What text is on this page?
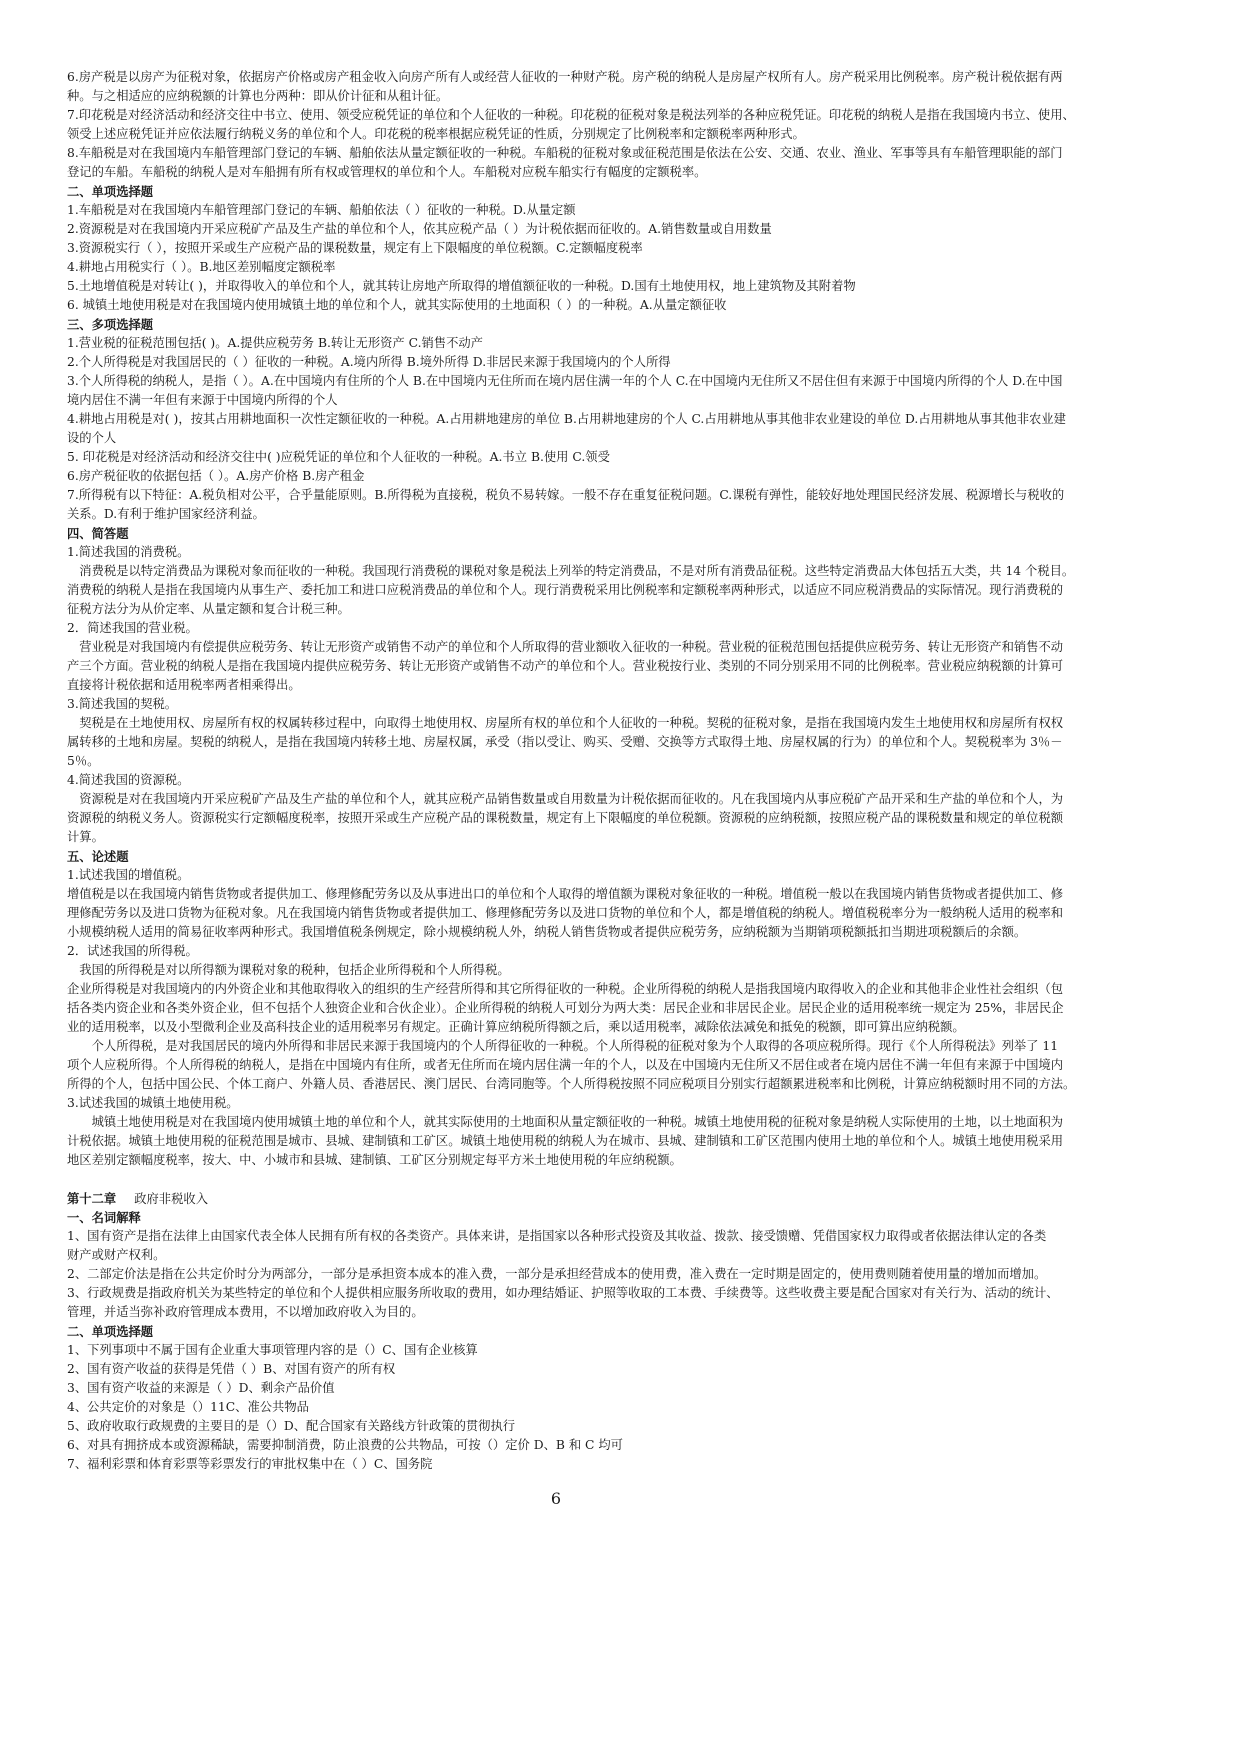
6.房产税是以房产为征税对象，依据房产价格或房产租金收入向房产所有人或经营人征收的一种财产税。房产税的纳税人是房屋产权所有人。房产税采用比例税率。房产税计税依据有两
种。与之相适应的应纳税额的计算也分两种：即从价计征和从租计征。
7.印花税是对经济活动和经济交往中书立、使用、领受应税凭证的单位和个人征收的一种税。印花税的征税对象是税法列举的各种应税凭证。印花税的纳税人是指在我国境内书立、使用、
领受上述应税凭证并应依法履行纳税义务的单位和个人。印花税的税率根据应税凭证的性质，分别规定了比例税率和定额税率两种形式。
8.车船税是对在我国境内车船管理部门登记的车辆、船舶依法从量定额征收的一种税。车船税的征税对象或征税范围是依法在公安、交通、农业、渔业、军事等具有车船管理职能的部门
登记的车船。车船税的纳税人是对车船拥有所有权或管理权的单位和个人。车船税对应税车船实行有幅度的定额税率。
二、单项选择题
1.车船税是对在我国境内车船管理部门登记的车辆、船舶依法（ ）征收的一种税。D.从量定额
2.资源税是对在我国境内开采应税矿产品及生产盐的单位和个人，依其应税产品（ ）为计税依据而征收的。A.销售数量或自用数量
3.资源税实行（ ），按照开采或生产应税产品的课税数量，规定有上下限幅度的单位税额。C.定额幅度税率
4.耕地占用税实行（ ）。B.地区差别幅度定额税率
5.土地增值税是对转让( )，并取得收入的单位和个人，就其转让房地产所取得的增值额征收的一种税。D.国有土地使用权，地上建筑物及其附着物
6. 城镇土地使用税是对在我国境内使用城镇土地的单位和个人，就其实际使用的土地面积（ ）的一种税。A.从量定额征收
三、多项选择题
1.营业税的征税范围包括( )。A.提供应税劳务 B.转让无形资产 C.销售不动产
2.个人所得税是对我国居民的（ ）征收的一种税。A.境内所得 B.境外所得 D.非居民来源于我国境内的个人所得
3.个人所得税的纳税人，是指（ ）。A.在中国境内有住所的个人 B.在中国境内无住所而在境内居住满一年的个人 C.在中国境内无住所又不居住但有来源于中国境内所得的个人 D.在中国
境内居住不满一年但有来源于中国境内所得的个人
4.耕地占用税是对( )，按其占用耕地面积一次性定额征收的一种税。A.占用耕地建房的单位 B.占用耕地建房的个人 C.占用耕地从事其他非农业建设的单位 D.占用耕地从事其他非农业建
设的个人
5. 印花税是对经济活动和经济交往中( )应税凭证的单位和个人征收的一种税。A.书立 B.使用 C.领受
6.房产税征收的依据包括（ ）。A.房产价格 B.房产租金
7.所得税有以下特征：A.税负相对公平，合乎量能原则。B.所得税为直接税，税负不易转嫁。一般不存在重复征税问题。C.课税有弹性，能较好地处理国民经济发展、税源增长与税收的
关系。D.有利于维护国家经济利益。
四、简答题
1.简述我国的消费税。
　消费税是以特定消费品为课税对象而征收的一种税。我国现行消费税的课税对象是税法上列举的特定消费品，不是对所有消费品征税。这些特定消费品大体包括五大类，共 14 个税目。
消费税的纳税人是指在我国境内从事生产、委托加工和进口应税消费品的单位和个人。现行消费税采用比例税率和定额税率两种形式，以适应不同应税消费品的实际情况。现行消费税的
征税方法分为从价定率、从量定额和复合计税三种。
2．简述我国的营业税。
　营业税是对我国境内有偿提供应税劳务、转让无形资产或销售不动产的单位和个人所取得的营业额收入征收的一种税。营业税的征税范围包括提供应税劳务、转让无形资产和销售不动
产三个方面。营业税的纳税人是指在我国境内提供应税劳务、转让无形资产或销售不动产的单位和个人。营业税按行业、类别的不同分别采用不同的比例税率。营业税应纳税额的计算可
直接将计税依据和适用税率两者相乘得出。
3.简述我国的契税。
　契税是在土地使用权、房屋所有权的权属转移过程中，向取得土地使用权、房屋所有权的单位和个人征收的一种税。契税的征税对象，是指在我国境内发生土地使用权和房屋所有权权
属转移的土地和房屋。契税的纳税人，是指在我国境内转移土地、房屋权属，承受（指以受让、购买、受赠、交换等方式取得土地、房屋权属的行为）的单位和个人。契税税率为 3％－
5％。
4.简述我国的资源税。
　资源税是对在我国境内开采应税矿产品及生产盐的单位和个人，就其应税产品销售数量或自用数量为计税依据而征收的。凡在我国境内从事应税矿产品开采和生产盐的单位和个人，为
资源税的纳税义务人。资源税实行定额幅度税率，按照开采或生产应税产品的课税数量，规定有上下限幅度的单位税额。资源税的应纳税额，按照应税产品的课税数量和规定的单位税额
计算。
五、论述题
1.试述我国的增值税。
增值税是以在我国境内销售货物或者提供加工、修理修配劳务以及从事进出口的单位和个人取得的增值额为课税对象征收的一种税。增值税一般以在我国境内销售货物或者提供加工、修
理修配劳务以及进口货物为征税对象。凡在我国境内销售货物或者提供加工、修理修配劳务以及进口货物的单位和个人，都是增值税的纳税人。增值税税率分为一般纳税人适用的税率和
小规模纳税人适用的简易征收率两种形式。我国增值税条例规定，除小规模纳税人外，纳税人销售货物或者提供应税劳务，应纳税额为当期销项税额抵扣当期进项税额后的余额。
2．试述我国的所得税。
　我国的所得税是对以所得额为课税对象的税种，包括企业所得税和个人所得税。
企业所得税是对我国境内的内外资企业和其他取得收入的组织的生产经营所得和其它所得征收的一种税。企业所得税的纳税人是指我国境内取得收入的企业和其他非企业性社会组织（包
括各类内资企业和各类外资企业，但不包括个人独资企业和合伙企业）。企业所得税的纳税人可划分为两大类：居民企业和非居民企业。居民企业的适用税率统一规定为 25%，非居民企
业的适用税率，以及小型微利企业及高科技企业的适用税率另有规定。正确计算应纳税所得额之后，乘以适用税率，减除依法减免和抵免的税额，即可算出应纳税额。
　　个人所得税，是对我国居民的境内外所得和非居民来源于我国境内的个人所得征收的一种税。个人所得税的征税对象为个人取得的各项应税所得。现行《个人所得税法》列举了 11
项个人应税所得。个人所得税的纳税人，是指在中国境内有住所，或者无住所而在境内居住满一年的个人，以及在中国境内无住所又不居住或者在境内居住不满一年但有来源于中国境内
所得的个人，包括中国公民、个体工商户、外籍人员、香港居民、澳门居民、台湾同胞等。个人所得税按照不同应税项目分别实行超额累进税率和比例税，计算应纳税额时用不同的方法。
3.试述我国的城镇土地使用税。
　　城镇土地使用税是对在我国境内使用城镇土地的单位和个人，就其实际使用的土地面积从量定额征收的一种税。城镇土地使用税的征税对象是纳税人实际使用的土地，以土地面积为
计税依据。城镇土地使用税的征税范围是城市、县城、建制镇和工矿区。城镇土地使用税的纳税人为在城市、县城、建制镇和工矿区范围内使用土地的单位和个人。城镇土地使用税采用
地区差别定额幅度税率，按大、中、小城市和县城、建制镇、工矿区分别规定每平方米土地使用税的年应纳税额。
第十二章 政府非税收入
一、名词解释
1、国有资产是指在法律上由国家代表全体人民拥有所有权的各类资产。具体来讲，是指国家以各种形式投资及其收益、拨款、接受馈赠、凭借国家权力取得或者依据法律认定的各类
财产或财产权利。
2、二部定价法是指在公共定价时分为两部分，一部分是承担资本成本的准入费，一部分是承担经营成本的使用费，准入费在一定时期是固定的，使用费则随着使用量的增加而增加。
3、行政规费是指政府机关为某些特定的单位和个人提供相应服务所收取的费用，如办理结婚证、护照等收取的工本费、手续费等。这些收费主要是配合国家对有关行为、活动的统计、
管理，并适当弥补政府管理成本费用，不以增加政府收入为目的。
二、单项选择题
1、下列事项中不属于国有企业重大事项管理内容的是（）C、国有企业核算
2、国有资产收益的获得是凭借（ ）B、对国有资产的所有权
3、国有资产收益的来源是（ ）D、剩余产品价值
4、公共定价的对象是（）11C、准公共物品
5、政府收取行政规费的主要目的是（）D、配合国家有关路线方针政策的贯彻执行
6、对具有拥挤成本或资源稀缺，需要抑制消费，防止浪费的公共物品，可按（）定价 D、B 和 C 均可
7、福利彩票和体育彩票等彩票发行的审批权集中在（ ）C、国务院
6
